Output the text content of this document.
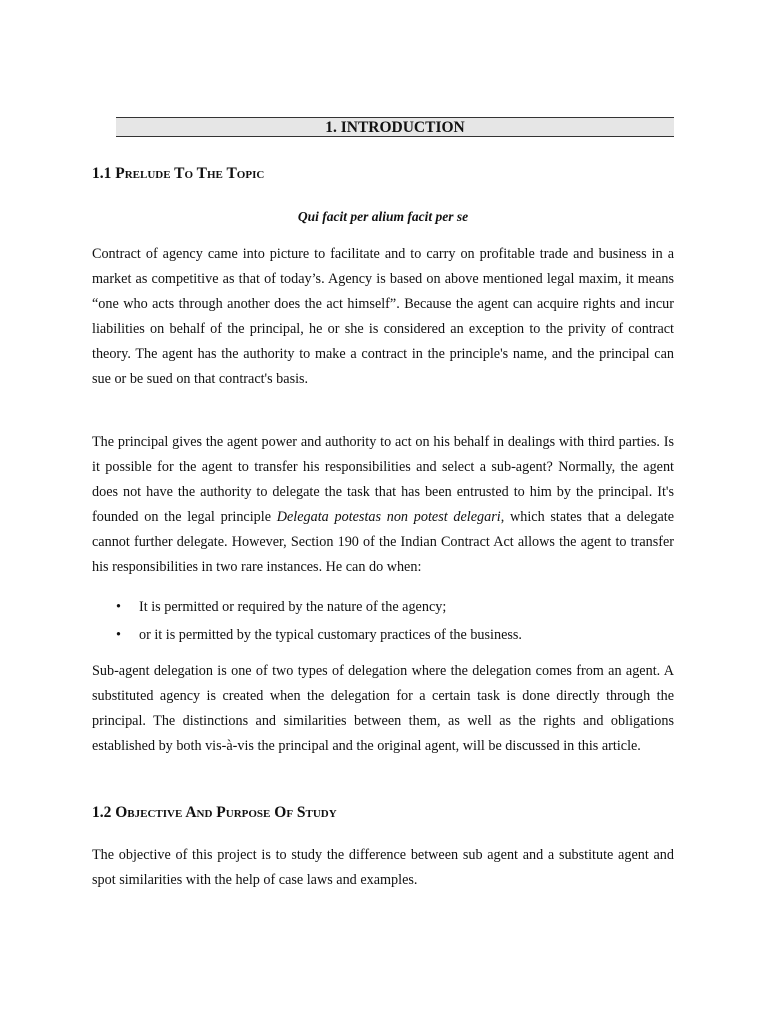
1. INTRODUCTION
1.1 Prelude To The Topic
Qui facit per alium facit per se

Contract of agency came into picture to facilitate and to carry on profitable trade and business in a market as competitive as that of today’s. Agency is based on above mentioned legal maxim, it means “one who acts through another does the act himself”. Because the agent can acquire rights and incur liabilities on behalf of the principal, he or she is considered an exception to the privity of contract theory. The agent has the authority to make a contract in the principle's name, and the principal can sue or be sued on that contract's basis.

The principal gives the agent power and authority to act on his behalf in dealings with third parties. Is it possible for the agent to transfer his responsibilities and select a sub-agent? Normally, the agent does not have the authority to delegate the task that has been entrusted to him by the principal. It's founded on the legal principle Delegata potestas non potest delegari, which states that a delegate cannot further delegate. However, Section 190 of the Indian Contract Act allows the agent to transfer his responsibilities in two rare instances. He can do when:

• It is permitted or required by the nature of the agency;
• or it is permitted by the typical customary practices of the business.

Sub-agent delegation is one of two types of delegation where the delegation comes from an agent. A substituted agency is created when the delegation for a certain task is done directly through the principal. The distinctions and similarities between them, as well as the rights and obligations established by both vis-à-vis the principal and the original agent, will be discussed in this article.

1.2 Objective And Purpose Of Study

The objective of this project is to study the difference between sub agent and a substitute agent and spot similarities with the help of case laws and examples.
